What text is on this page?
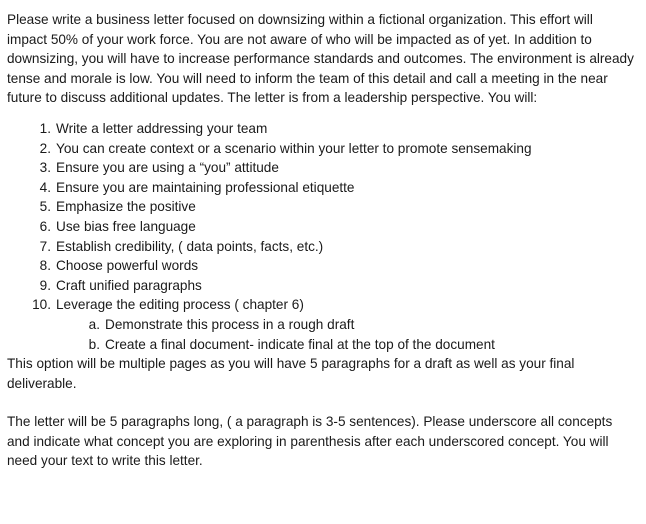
Please write a business letter focused on downsizing within a fictional organization. This effort will impact 50% of your work force. You are not aware of who will be impacted as of yet. In addition to downsizing, you will have to increase performance standards and outcomes. The environment is already tense and morale is low. You will need to inform the team of this detail and call a meeting in the near future to discuss additional updates. The letter is from a leadership perspective. You will:

1. Write a letter addressing your team
2. You can create context or a scenario within your letter to promote sensemaking
3. Ensure you are using a “you” attitude
4. Ensure you are maintaining professional etiquette
5. Emphasize the positive
6. Use bias free language
7. Establish credibility, ( data points, facts, etc.)
8. Choose powerful words
9. Craft unified paragraphs
10. Leverage the editing process ( chapter 6)
a. Demonstrate this process in a rough draft
b. Create a final document- indicate final at the top of the document

This option will be multiple pages as you will have 5 paragraphs for a draft as well as your final deliverable.

The letter will be 5 paragraphs long, ( a paragraph is 3-5 sentences). Please underscore all concepts and indicate what concept you are exploring in parenthesis after each underscored concept. You will need your text to write this letter.
